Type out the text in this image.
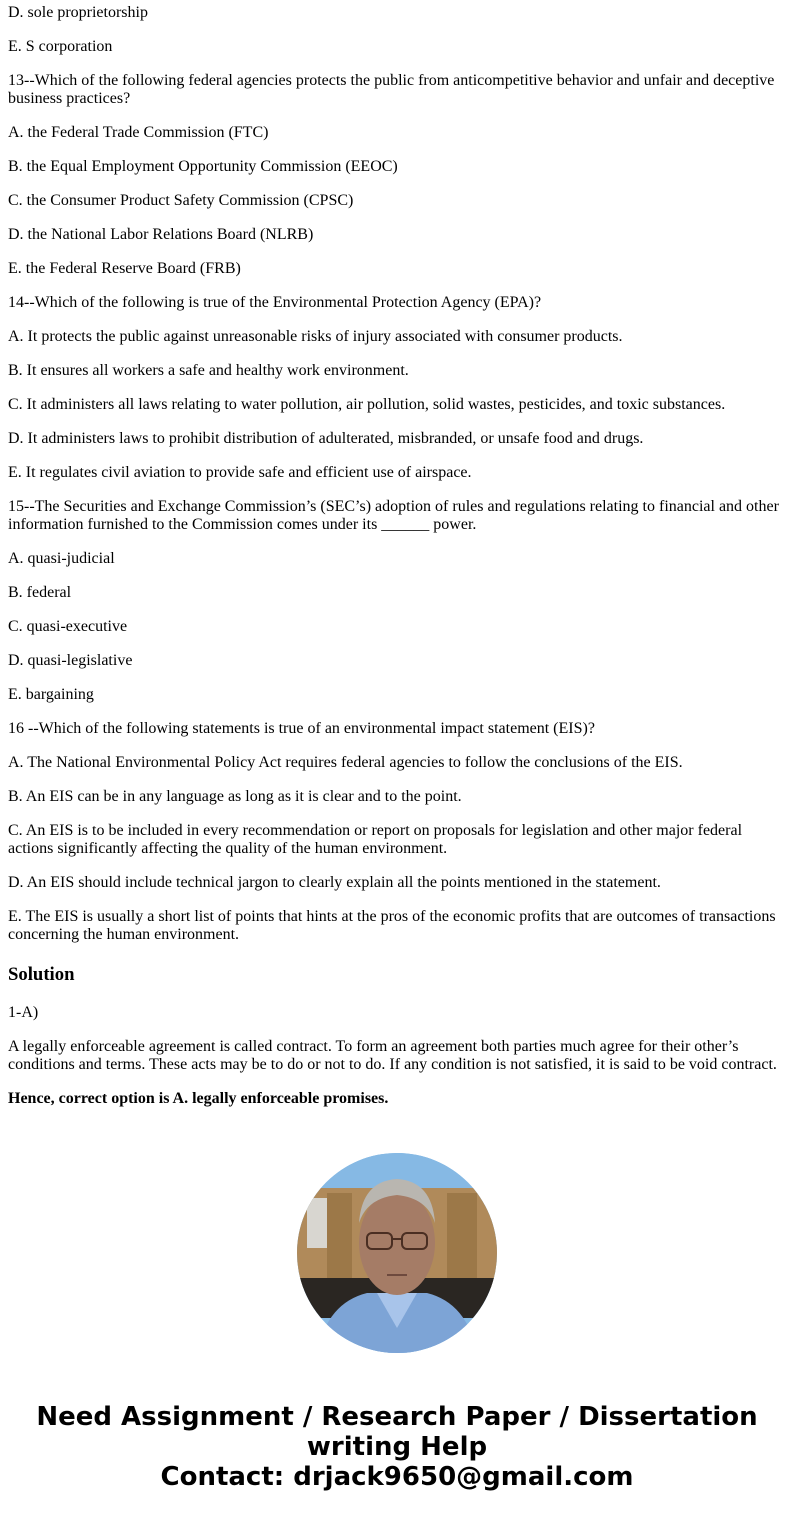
D. sole proprietorship

E. S corporation

13--Which of the following federal agencies protects the public from anticompetitive behavior and unfair and deceptive business practices?

A. the Federal Trade Commission (FTC)

B. the Equal Employment Opportunity Commission (EEOC)

C. the Consumer Product Safety Commission (CPSC)

D. the National Labor Relations Board (NLRB)

E. the Federal Reserve Board (FRB)

14--Which of the following is true of the Environmental Protection Agency (EPA)?

A. It protects the public against unreasonable risks of injury associated with consumer products.

B. It ensures all workers a safe and healthy work environment.

C. It administers all laws relating to water pollution, air pollution, solid wastes, pesticides, and toxic substances.

D. It administers laws to prohibit distribution of adulterated, misbranded, or unsafe food and drugs.

E. It regulates civil aviation to provide safe and efficient use of airspace.

15--The Securities and Exchange Commission’s (SEC’s) adoption of rules and regulations relating to financial and other information furnished to the Commission comes under its ______ power.

A. quasi-judicial

B. federal

C. quasi-executive

D. quasi-legislative

E. bargaining

16 --Which of the following statements is true of an environmental impact statement (EIS)?

A. The National Environmental Policy Act requires federal agencies to follow the conclusions of the EIS.

B. An EIS can be in any language as long as it is clear and to the point.

C. An EIS is to be included in every recommendation or report on proposals for legislation and other major federal actions significantly affecting the quality of the human environment.

D. An EIS should include technical jargon to clearly explain all the points mentioned in the statement.

E. The EIS is usually a short list of points that hints at the pros of the economic profits that are outcomes of transactions concerning the human environment.

Solution

1-A)

A legally enforceable agreement is called contract. To form an agreement both parties much agree for their other’s conditions and terms. These acts may be to do or not to do. If any condition is not satisfied, it is said to be void contract.

Hence, correct option is A. legally enforceable promises.

Need Assignment / Research Paper / Dissertation
writing Help
Contact: drjack9650@gmail.com
